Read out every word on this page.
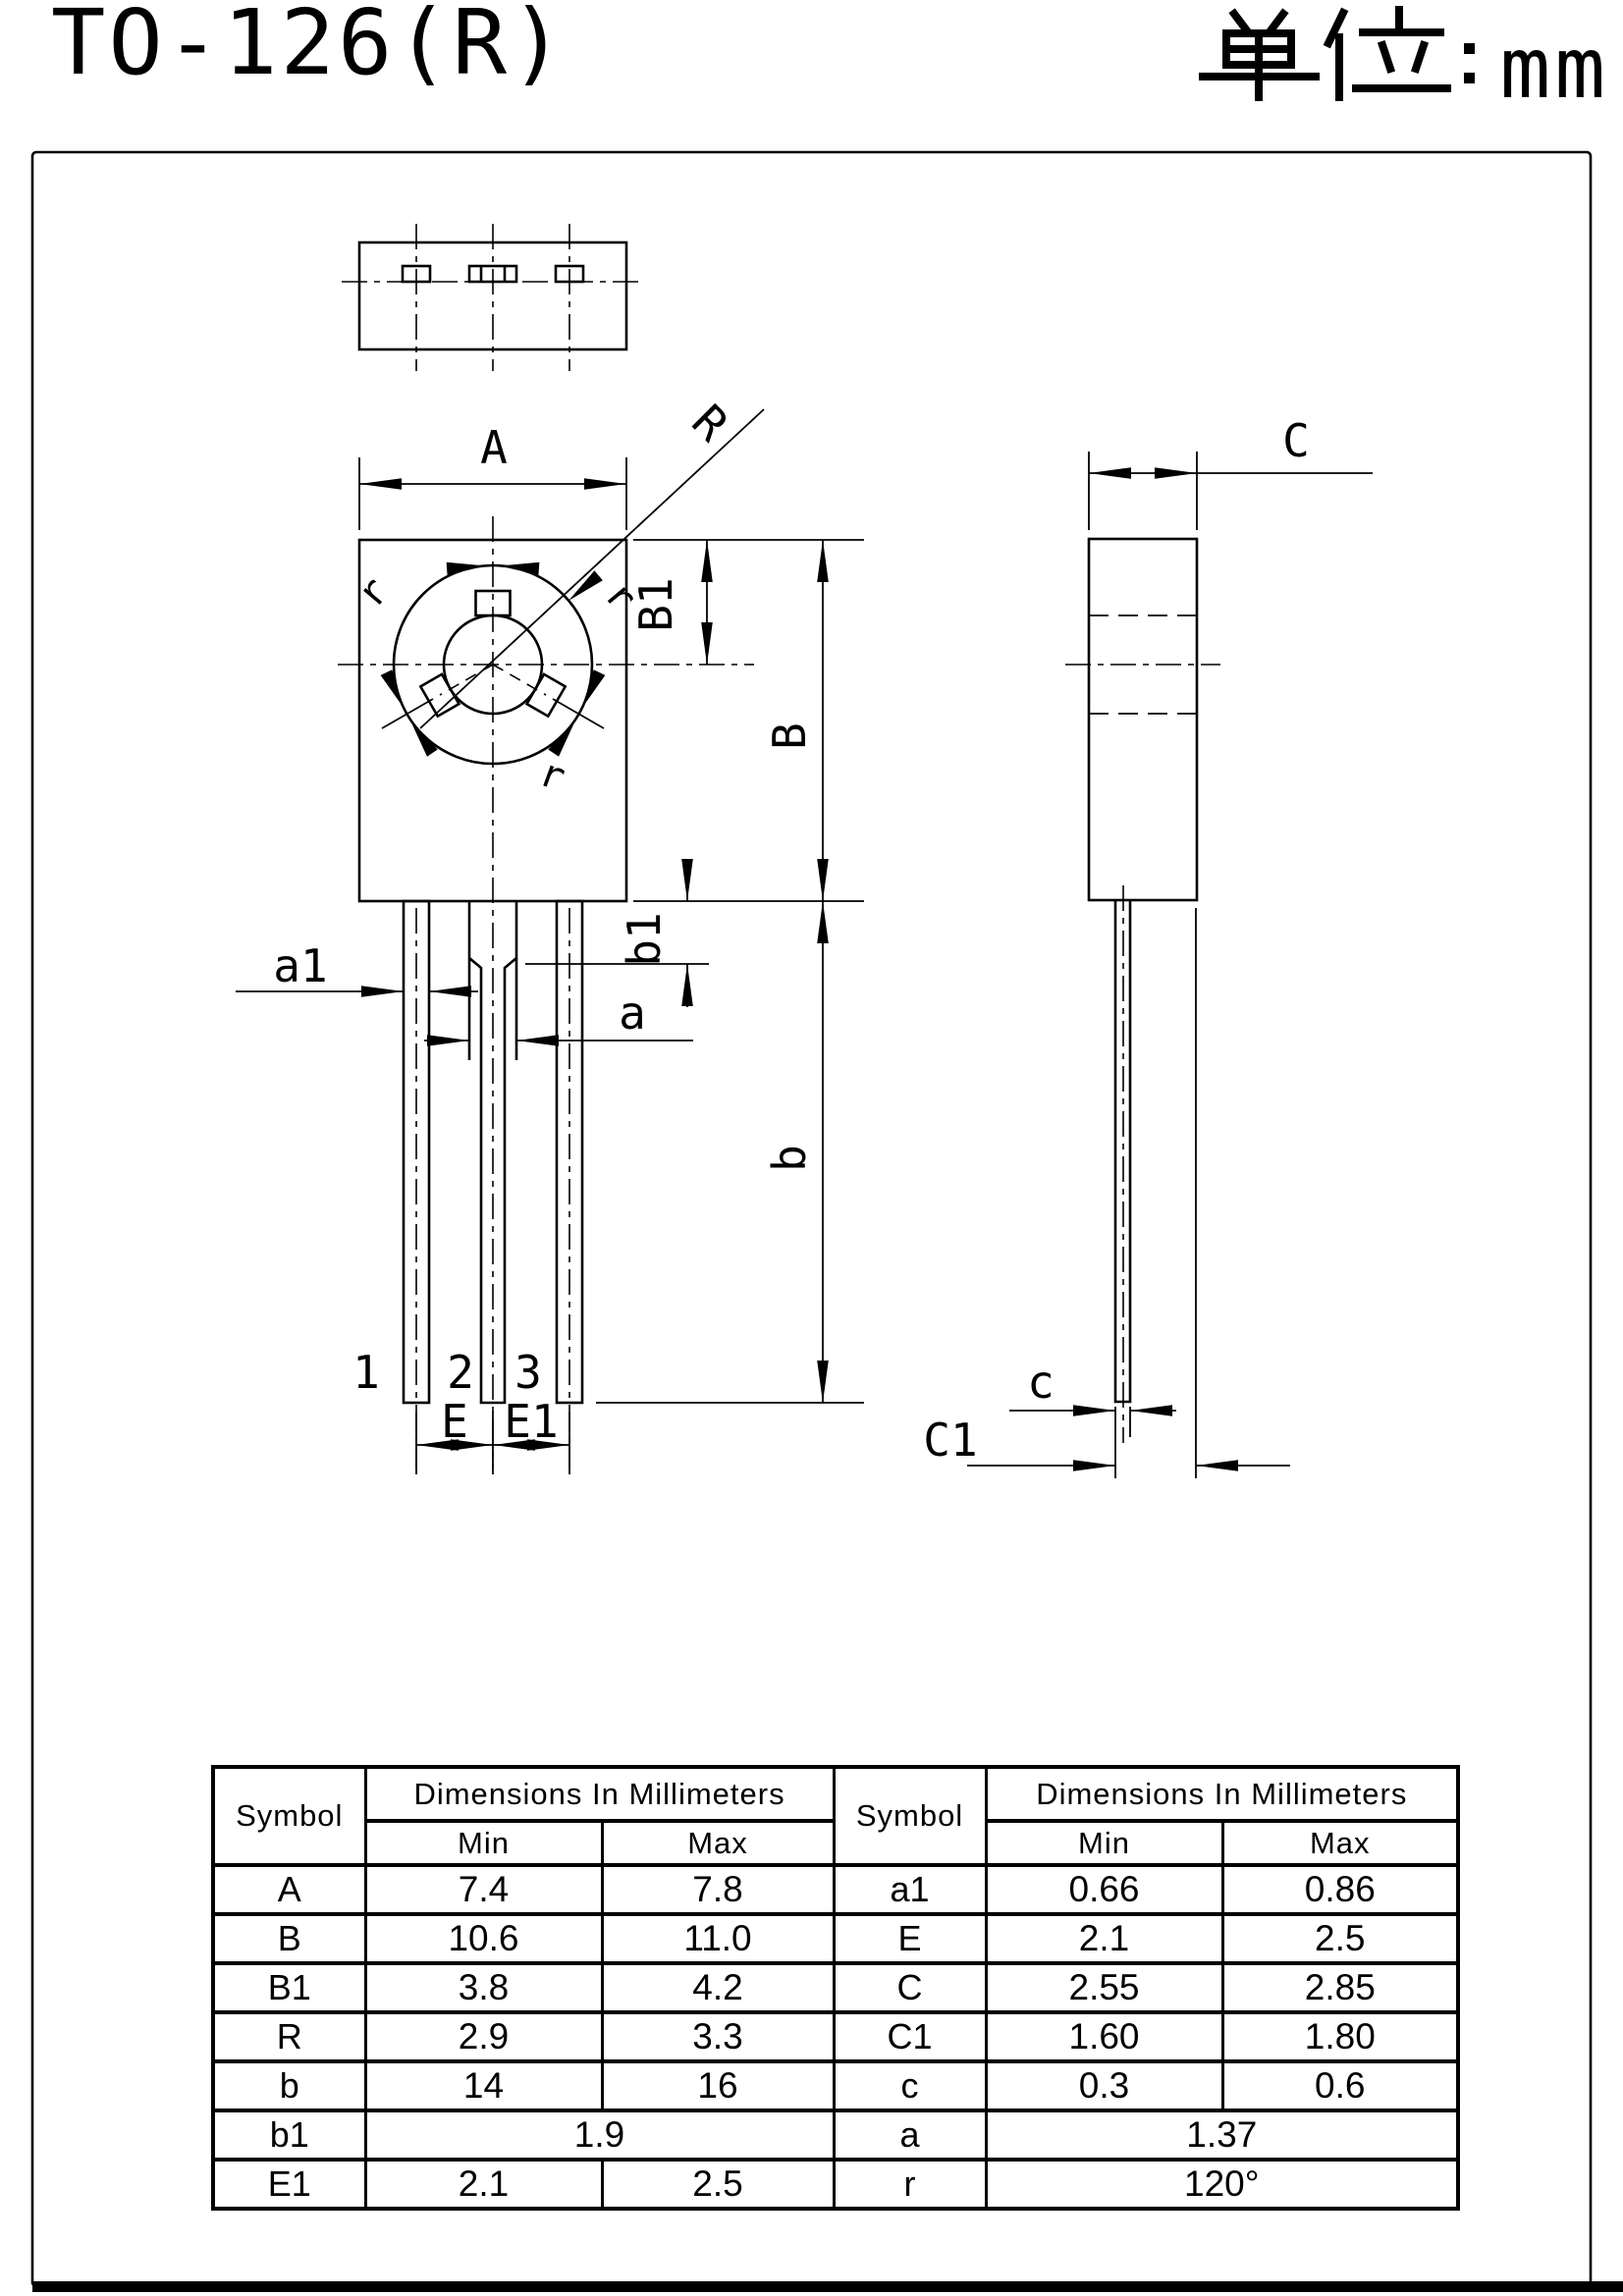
TO-126(R)	mm
A	R
B1
B
b
b1
a1
a
E E1
r	r
r
1 2 3
C
c
C1
Symbol	Dimensions In Millimeters		Symbol	Dimensions In Millimeters	
	Min	Max		Min	Max
A	7.4	7.8	a1	0.66	0.86
B	10.6	11.0	E	2.1	2.5
B1	3.8	4.2	C	2.55	2.85
R	2.9	3.3	C1	1.60	1.80
b	14	16	c	0.3	0.6
b1	1.9		a	1.37	
E1	2.1	2.5	r	120°	
